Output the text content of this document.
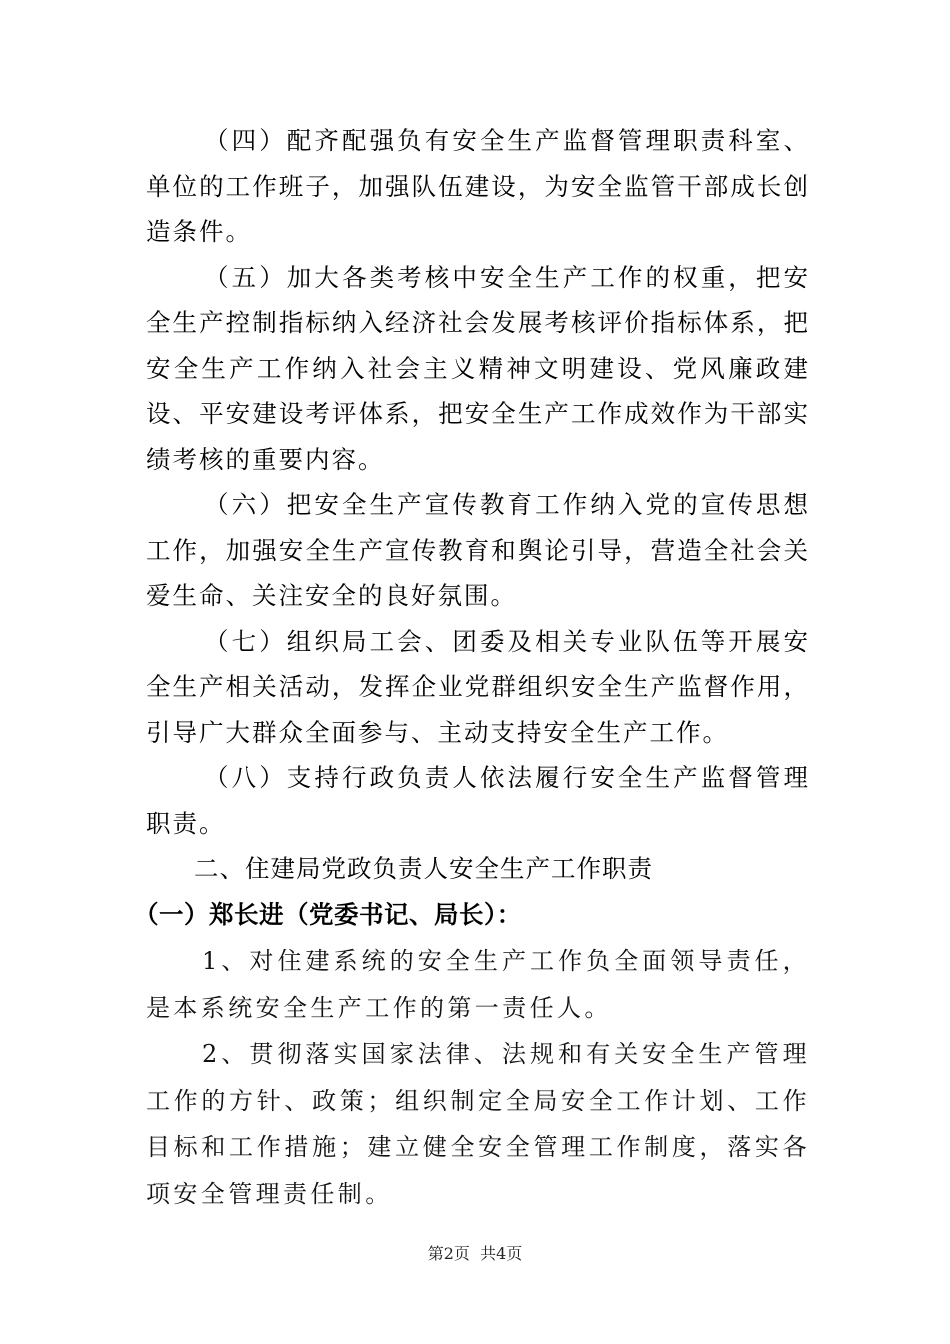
（四）配齐配强负有安全生产监督管理职责科室、单位的工作班子，加强队伍建设，为安全监管干部成长创造条件。

（五）加大各类考核中安全生产工作的权重，把安全生产控制指标纳入经济社会发展考核评价指标体系，把安全生产工作纳入社会主义精神文明建设、党风廉政建设、平安建设考评体系，把安全生产工作成效作为干部实绩考核的重要内容。

（六）把安全生产宣传教育工作纳入党的宣传思想工作，加强安全生产宣传教育和舆论引导，营造全社会关爱生命、关注安全的良好氛围。

（七）组织局工会、团委及相关专业队伍等开展安全生产相关活动，发挥企业党群组织安全生产监督作用，引导广大群众全面参与、主动支持安全生产工作。

（八）支持行政负责人依法履行安全生产监督管理职责。

二、住建局党政负责人安全生产工作职责

（一）郑长进（党委书记、局长）：

1、对住建系统的安全生产工作负全面领导责任，是本系统安全生产工作的第一责任人。

2、贯彻落实国家法律、法规和有关安全生产管理工作的方针、政策；组织制定全局安全工作计划、工作目标和工作措施；建立健全安全管理工作制度，落实各项安全管理责任制。

第2页  共4页
